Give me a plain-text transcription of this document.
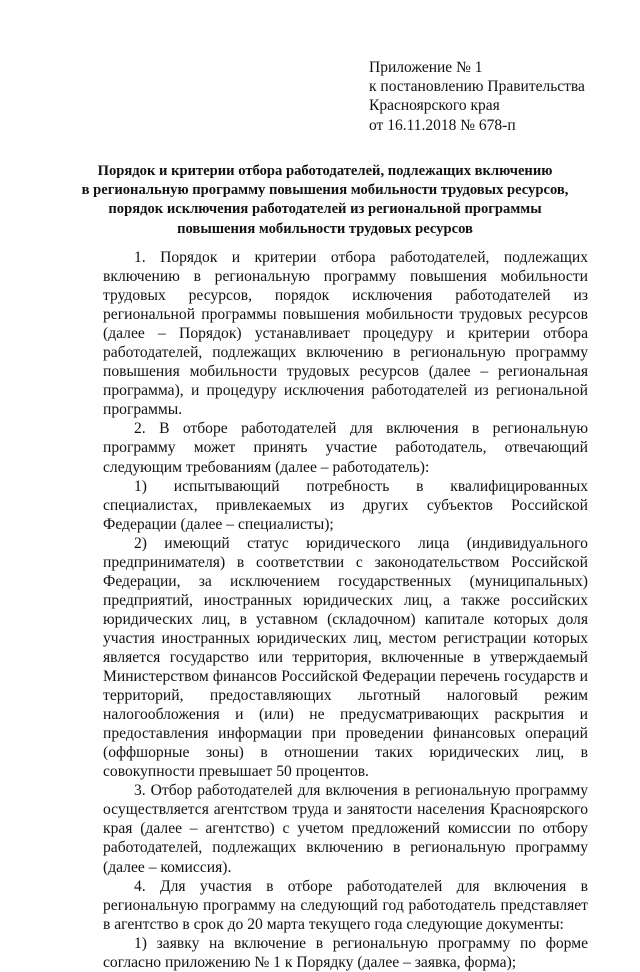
Приложение № 1
к постановлению Правительства
Красноярского края
от 16.11.2018 № 678-п
Порядок и критерии отбора работодателей, подлежащих включению
в региональную программу повышения мобильности трудовых ресурсов,
порядок исключения работодателей из региональной программы
повышения мобильности трудовых ресурсов

1. Порядок и критерии отбора работодателей, подлежащих включению в региональную программу повышения мобильности трудовых ресурсов, порядок исключения работодателей из региональной программы повышения мобильности трудовых ресурсов (далее – Порядок) устанавливает процедуру и критерии отбора работодателей, подлежащих включению в региональную программу повышения мобильности трудовых ресурсов (далее – региональная программа), и процедуру исключения работодателей из региональной программы.

2. В отборе работодателей для включения в региональную программу может принять участие работодатель, отвечающий следующим требованиям (далее – работодатель):

1) испытывающий потребность в квалифицированных специалистах, привлекаемых из других субъектов Российской Федерации (далее – специалисты);

2) имеющий статус юридического лица (индивидуального

предпринимателя) в соответствии с законодательством Российской Федерации, за исключением государственных (муниципальных) предприятий, иностранных юридических лиц, а также российских юридических лиц, в уставном (складочном) капитале которых доля участия иностранных юридических лиц, местом регистрации которых является государство или территория, включенные в утверждаемый Министерством финансов Российской Федерации перечень государств и территорий, предоставляющих льготный налоговый режим налогообложения и (или) не предусматривающих раскрытия и предоставления информации при проведении финансовых операций (оффшорные зоны) в отношении таких юридических лиц, в совокупности превышает 50 процентов.

3. Отбор работодателей для включения в региональную программу осуществляется агентством труда и занятости населения Красноярского края (далее – агентство) с учетом предложений комиссии по отбору работодателей, подлежащих включению в региональную программу (далее – комиссия).

4. Для участия в отборе работодателей для включения в региональную программу на следующий год работодатель представляет в агентство в срок до 20 марта текущего года следующие документы:

1) заявку на включение в региональную программу по форме согласно приложению № 1 к Порядку (далее – заявка, форма);
